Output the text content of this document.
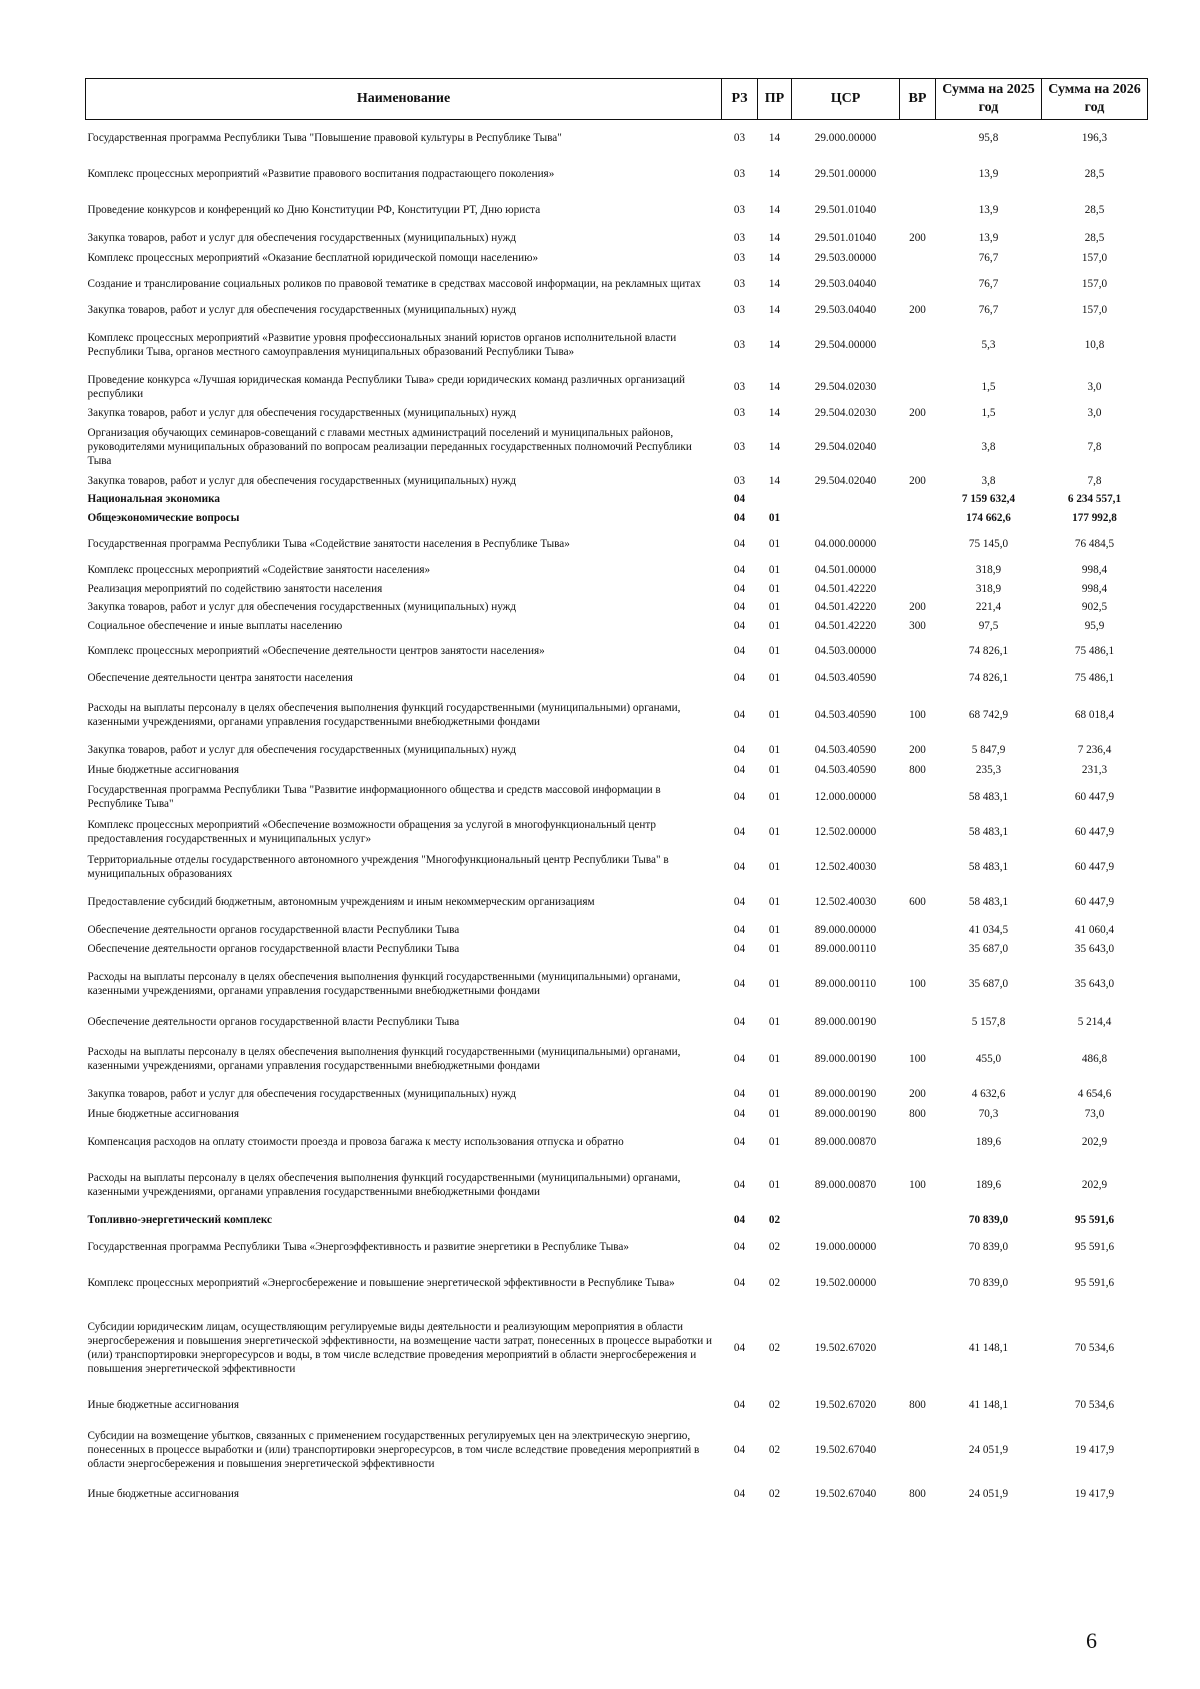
Наименование	РЗ	ПР	ЦСР	ВР	Сумма на 2025 год	Сумма на 2026 год
Государственная программа Республики Тыва "Повышение правовой культуры в Республике Тыва"	03	14	29.000.00000		95,8	196,3
Комплекс процессных мероприятий «Развитие правового воспитания подрастающего поколения»	03	14	29.501.00000		13,9	28,5
Проведение конкурсов и конференций ко Дню Конституции РФ, Конституции РТ, Дню юриста	03	14	29.501.01040		13,9	28,5
Закупка товаров, работ и услуг для обеспечения государственных (муниципальных) нужд	03	14	29.501.01040	200	13,9	28,5
Комплекс процессных мероприятий «Оказание бесплатной юридической помощи населению»	03	14	29.503.00000		76,7	157,0
Создание и транслирование социальных роликов по правовой тематике в средствах массовой информации, на рекламных щитах	03	14	29.503.04040		76,7	157,0
Закупка товаров, работ и услуг для обеспечения государственных (муниципальных) нужд	03	14	29.503.04040	200	76,7	157,0
Комплекс процессных мероприятий «Развитие уровня профессиональных знаний юристов органов исполнительной власти Республики Тыва, органов местного самоуправления муниципальных образований Республики Тыва»	03	14	29.504.00000		5,3	10,8
Проведение конкурса «Лучшая юридическая команда Республики Тыва» среди юридических команд различных организаций республики	03	14	29.504.02030		1,5	3,0
Закупка товаров, работ и услуг для обеспечения государственных (муниципальных) нужд	03	14	29.504.02030	200	1,5	3,0
Организация обучающих семинаров-совещаний с главами местных администраций поселений и муниципальных районов, руководителями муниципальных образований по вопросам реализации переданных государственных полномочий Республики Тыва	03	14	29.504.02040		3,8	7,8
Закупка товаров, работ и услуг для обеспечения государственных (муниципальных) нужд	03	14	29.504.02040	200	3,8	7,8
Национальная экономика	04				7 159 632,4	6 234 557,1
Общеэкономические вопросы	04	01			174 662,6	177 992,8
Государственная программа Республики Тыва «Содействие занятости населения в Республике Тыва»	04	01	04.000.00000		75 145,0	76 484,5
Комплекс процессных мероприятий «Содействие занятости населения»	04	01	04.501.00000		318,9	998,4
Реализация мероприятий по содействию занятости населения	04	01	04.501.42220		318,9	998,4
Закупка товаров, работ и услуг для обеспечения государственных (муниципальных) нужд	04	01	04.501.42220	200	221,4	902,5
Социальное обеспечение и иные выплаты населению	04	01	04.501.42220	300	97,5	95,9
Комплекс процессных мероприятий «Обеспечение деятельности центров занятости населения»	04	01	04.503.00000		74 826,1	75 486,1
Обеспечение деятельности центра занятости населения	04	01	04.503.40590		74 826,1	75 486,1
Расходы на выплаты персоналу в целях обеспечения выполнения функций государственными (муниципальными) органами, казенными учреждениями, органами управления государственными внебюджетными фондами	04	01	04.503.40590	100	68 742,9	68 018,4
Закупка товаров, работ и услуг для обеспечения государственных (муниципальных) нужд	04	01	04.503.40590	200	5 847,9	7 236,4
Иные бюджетные ассигнования	04	01	04.503.40590	800	235,3	231,3
Государственная программа Республики Тыва "Развитие информационного общества и средств массовой информации в Республике Тыва"	04	01	12.000.00000		58 483,1	60 447,9
Комплекс процессных мероприятий «Обеспечение возможности обращения за услугой в многофункциональный центр предоставления государственных и муниципальных услуг»	04	01	12.502.00000		58 483,1	60 447,9
Территориальные отделы государственного автономного учреждения "Многофункциональный центр Республики Тыва" в муниципальных образованиях	04	01	12.502.40030		58 483,1	60 447,9
Предоставление субсидий бюджетным, автономным учреждениям и иным некоммерческим организациям	04	01	12.502.40030	600	58 483,1	60 447,9
Обеспечение деятельности органов государственной власти Республики Тыва	04	01	89.000.00000		41 034,5	41 060,4
Обеспечение деятельности органов государственной власти Республики Тыва	04	01	89.000.00110		35 687,0	35 643,0
Расходы на выплаты персоналу в целях обеспечения выполнения функций государственными (муниципальными) органами, казенными учреждениями, органами управления государственными внебюджетными фондами	04	01	89.000.00110	100	35 687,0	35 643,0
Обеспечение деятельности органов государственной власти Республики Тыва	04	01	89.000.00190		5 157,8	5 214,4
Расходы на выплаты персоналу в целях обеспечения выполнения функций государственными (муниципальными) органами, казенными учреждениями, органами управления государственными внебюджетными фондами	04	01	89.000.00190	100	455,0	486,8
Закупка товаров, работ и услуг для обеспечения государственных (муниципальных) нужд	04	01	89.000.00190	200	4 632,6	4 654,6
Иные бюджетные ассигнования	04	01	89.000.00190	800	70,3	73,0
Компенсация расходов на оплату стоимости проезда и провоза багажа к месту использования отпуска и обратно	04	01	89.000.00870		189,6	202,9
Расходы на выплаты персоналу в целях обеспечения выполнения функций государственными (муниципальными) органами, казенными учреждениями, органами управления государственными внебюджетными фондами	04	01	89.000.00870	100	189,6	202,9
Топливно-энергетический комплекс	04	02			70 839,0	95 591,6
Государственная программа Республики Тыва «Энергоэффективность и развитие энергетики в Республике Тыва»	04	02	19.000.00000		70 839,0	95 591,6
Комплекс процессных мероприятий «Энергосбережение и повышение энергетической эффективности в Республике Тыва»	04	02	19.502.00000		70 839,0	95 591,6
Субсидии юридическим лицам, осуществляющим регулируемые виды деятельности и реализующим мероприятия в области энергосбережения и повышения энергетической эффективности, на возмещение части затрат, понесенных в процессе выработки и (или) транспортировки энергоресурсов и воды, в том числе вследствие проведения мероприятий в области энергосбережения и повышения энергетической эффективности	04	02	19.502.67020		41 148,1	70 534,6
Иные бюджетные ассигнования	04	02	19.502.67020	800	41 148,1	70 534,6
Субсидии на возмещение убытков, связанных с применением государственных регулируемых цен на электрическую энергию, понесенных в процессе выработки и (или) транспортировки энергоресурсов, в том числе вследствие проведения мероприятий в области энергосбережения и повышения энергетической эффективности	04	02	19.502.67040		24 051,9	19 417,9
Иные бюджетные ассигнования	04	02	19.502.67040	800	24 051,9	19 417,9
6
